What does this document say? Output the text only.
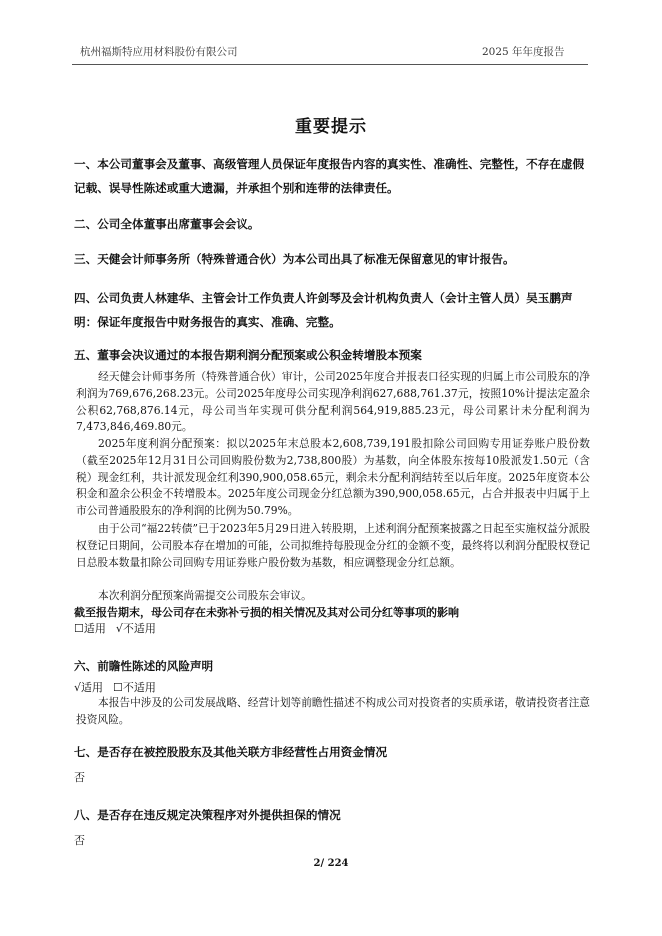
杭州福斯特应用材料股份有限公司	2025 年年度报告
重要提示
一、本公司董事会及董事、高级管理人员保证年度报告内容的真实性、准确性、完整性，不存在虚假记载、误导性陈述或重大遗漏，并承担个别和连带的法律责任。
二、公司全体董事出席董事会会议。
三、天健会计师事务所（特殊普通合伙）为本公司出具了标准无保留意见的审计报告。
四、公司负责人林建华、主管会计工作负责人许剑琴及会计机构负责人（会计主管人员）吴玉鹏声明：保证年度报告中财务报告的真实、准确、完整。
五、董事会决议通过的本报告期利润分配预案或公积金转增股本预案
经天健会计师事务所（特殊普通合伙）审计，公司2025年度合并报表口径实现的归属上市公司股东的净利润为769,676,268.23元。公司2025年度母公司实现净利润627,688,761.37元，按照10%计提法定盈余公积62,768,876.14元，母公司当年实现可供分配利润564,919,885.23元，母公司累计未分配利润为7,473,846,469.80元。
2025年度利润分配预案：拟以2025年末总股本2,608,739,191股扣除公司回购专用证券账户股份数（截至2025年12月31日公司回购股份数为2,738,800股）为基数，向全体股东按每10股派发1.50元（含税）现金红利，共计派发现金红利390,900,058.65元，剩余未分配利润结转至以后年度。2025年度资本公积金和盈余公积金不转增股本。2025年度公司现金分红总额为390,900,058.65元，占合并报表中归属于上市公司普通股股东的净利润的比例为50.79%。
由于公司“福22转债”已于2023年5月29日进入转股期，上述利润分配预案披露之日起至实施权益分派股权登记日期间，公司股本存在增加的可能，公司拟维持每股现金分红的金额不变，最终将以利润分配股权登记日总股本数量扣除公司回购专用证券账户股份数为基数，相应调整现金分红总额。
本次利润分配预案尚需提交公司股东会审议。
截至报告期末，母公司存在未弥补亏损的相关情况及其对公司分红等事项的影响
☐适用 √不适用
六、前瞻性陈述的风险声明
√适用 ☐不适用
本报告中涉及的公司发展战略、经营计划等前瞻性描述不构成公司对投资者的实质承诺，敬请投资者注意投资风险。
七、是否存在被控股股东及其他关联方非经营性占用资金情况
否
八、是否存在违反规定决策程序对外提供担保的情况
否
2/ 224
